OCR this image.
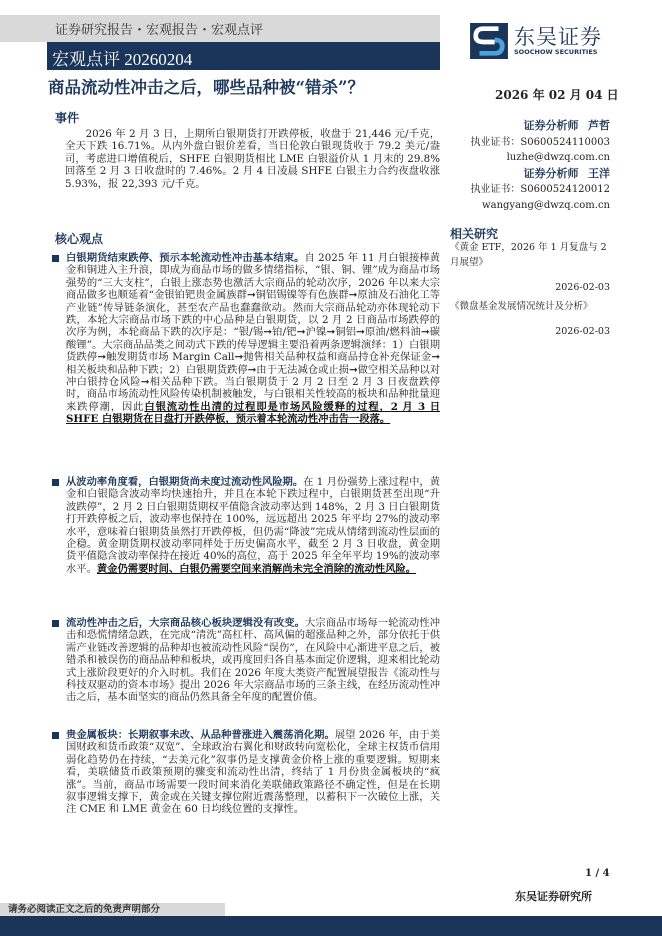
证券研究报告・宏观报告・宏观点评
宏观点评 20260204
商品流动性冲击之后，哪些品种被“错杀”？	2026 年 02 月 04 日
东吴证券
SOOCHOW SECURITIES
事件
2026 年 2 月 3 日，上期所白银期货打开跌停板，收盘于 21,446 元/千克，全天下跌 16.71%。从内外盘白银价差看，当日伦敦白银现货收于 79.2 美元/盎司，考虑进口增值税后，SHFE 白银期货相比 LME 白银溢价从 1 月末的 29.8%回落至 2 月 3 日收盘时的 7.46%。2 月 4 日凌晨 SHFE 白银主力合约夜盘收涨 5.93%，报 22,393 元/千克。
核心观点

白银期货结束跌停、预示本轮流动性冲击基本结束。自 2025 年 11 月白银接棒黄金和铜进入主升浪，即成为商品市场的做多情绪指标，“银、铜、锂”成为商品市场强势的“三大支柱”，白银上涨态势也激活大宗商品的轮动次序，2026 年以来大宗商品做多也顺延着“金银铂钯贵金属族群➞铜铝锡镍等有色族群➞原油及石油化工等产业链”传导链条演化，甚至农产品也蠢蠢欲动。然而大宗商品轮动亦体现轮动下跌，本轮大宗商品市场下跌的中心品种是白银期货，以 2 月 2 日商品市场跌停的次序为例，本轮商品下跌的次序是：“银/锡➞铂/钯➞沪镍➞铜铝➞原油/燃料油➞碳酸锂”。大宗商品品类之间动式下跌的传导逻辑主要沿着两条逻辑演绎：1）白银期货跌停➞触发期货市场 Margin Call➞抛售相关品种权益和商品持仓补充保证金➞相关板块和品种下跌；2）白银期货跌停➞由于无法减仓或止损➞做空相关品种以对冲白银持仓风险➞相关品种下跌。当白银期货于 2 月 2 日至 2 月 3 日夜盘跌停时，商品市场流动性风险传染机制被触发，与白银相关性较高的板块和品种批量迎来跌停潮，因此白银流动性出清的过程即是市场风险缓释的过程，2 月 3 日 SHFE 白银期货在日盘打开跌停板，预示着本轮流动性冲击告一段落。

从波动率角度看，白银期货尚未度过流动性风险期。在 1 月份强势上涨过程中，黄金和白银隐含波动率均快速抬升，并且在本轮下跌过程中，白银期货甚至出现“升波跌停”，2 月 2 日白银期货期权平值隐含波动率达到 148%，2 月 3 日白银期货打开跌停板之后，波动率也保持在 100%，远远超出 2025 年平均 27%的波动率水平，意味着白银期货虽然打开跌停板，但仍需“降波”完成从情绪到流动性层面的企稳。黄金期货期权波动率同样处于历史偏高水平，截至 2 月 3 日收盘，黄金期货平值隐含波动率保持在接近 40%的高位，高于 2025 年全年平均 19%的波动率水平。黄金仍需要时间、白银仍需要空间来消解尚未完全消除的流动性风险。

流动性冲击之后，大宗商品核心板块逻辑没有改变。大宗商品市场每一轮流动性冲击和恐慌情绪急跌，在完成“清洗”高杠杆、高风偏的超涨品种之外，部分依托于供需产业链改善逻辑的品种却也被流动性风险“误伤”，在风险中心渐进平息之后，被错杀和被误伤的商品品种和板块，或再度回归各自基本面定价逻辑，迎来相比轮动式上涨阶段更好的介入时机。我们在 2026 年度大类资产配置展望报告《流动性与科技双驱动的资本市场》提出 2026 年大宗商品市场的三条主线，在经历流动性冲击之后，基本面坚实的商品仍然具备全年度的配置价值。

贵金属板块：长期叙事未改、从品种普涨进入震荡消化期。展望 2026 年，由于美国财政和货币政策“双宽”、全球政治右翼化和财政转向宽松化，全球主权货币信用弱化趋势仍在持续，“去美元化”叙事仍是支撑黄金价格上涨的重要逻辑。短期来看，美联储货币政策预期的骤变和流动性出清，终结了 1 月份贵金属板块的“疯涨”。当前，商品市场需要一段时间来消化美联储政策路径不确定性，但是在长期叙事逻辑支撑下，黄金或在关键支撑位附近震荡整理，以蓄积下一次破位上涨，关注 CME 和 LME 黄金在 60 日均线位置的支撑性。

证券分析师 芦哲
执业证书：S0600524110003
luzhe@dwzq.com.cn
证券分析师 王洋
执业证书：S0600524120012
wangyang@dwzq.com.cn
相关研究
《黄金 ETF，2026 年 1 月复盘与 2 月展望》
2026-02-03
《微盘基金发展情况统计及分析》
2026-02-03
1 / 4
东吴证券研究所
请务必阅读正文之后的免责声明部分
